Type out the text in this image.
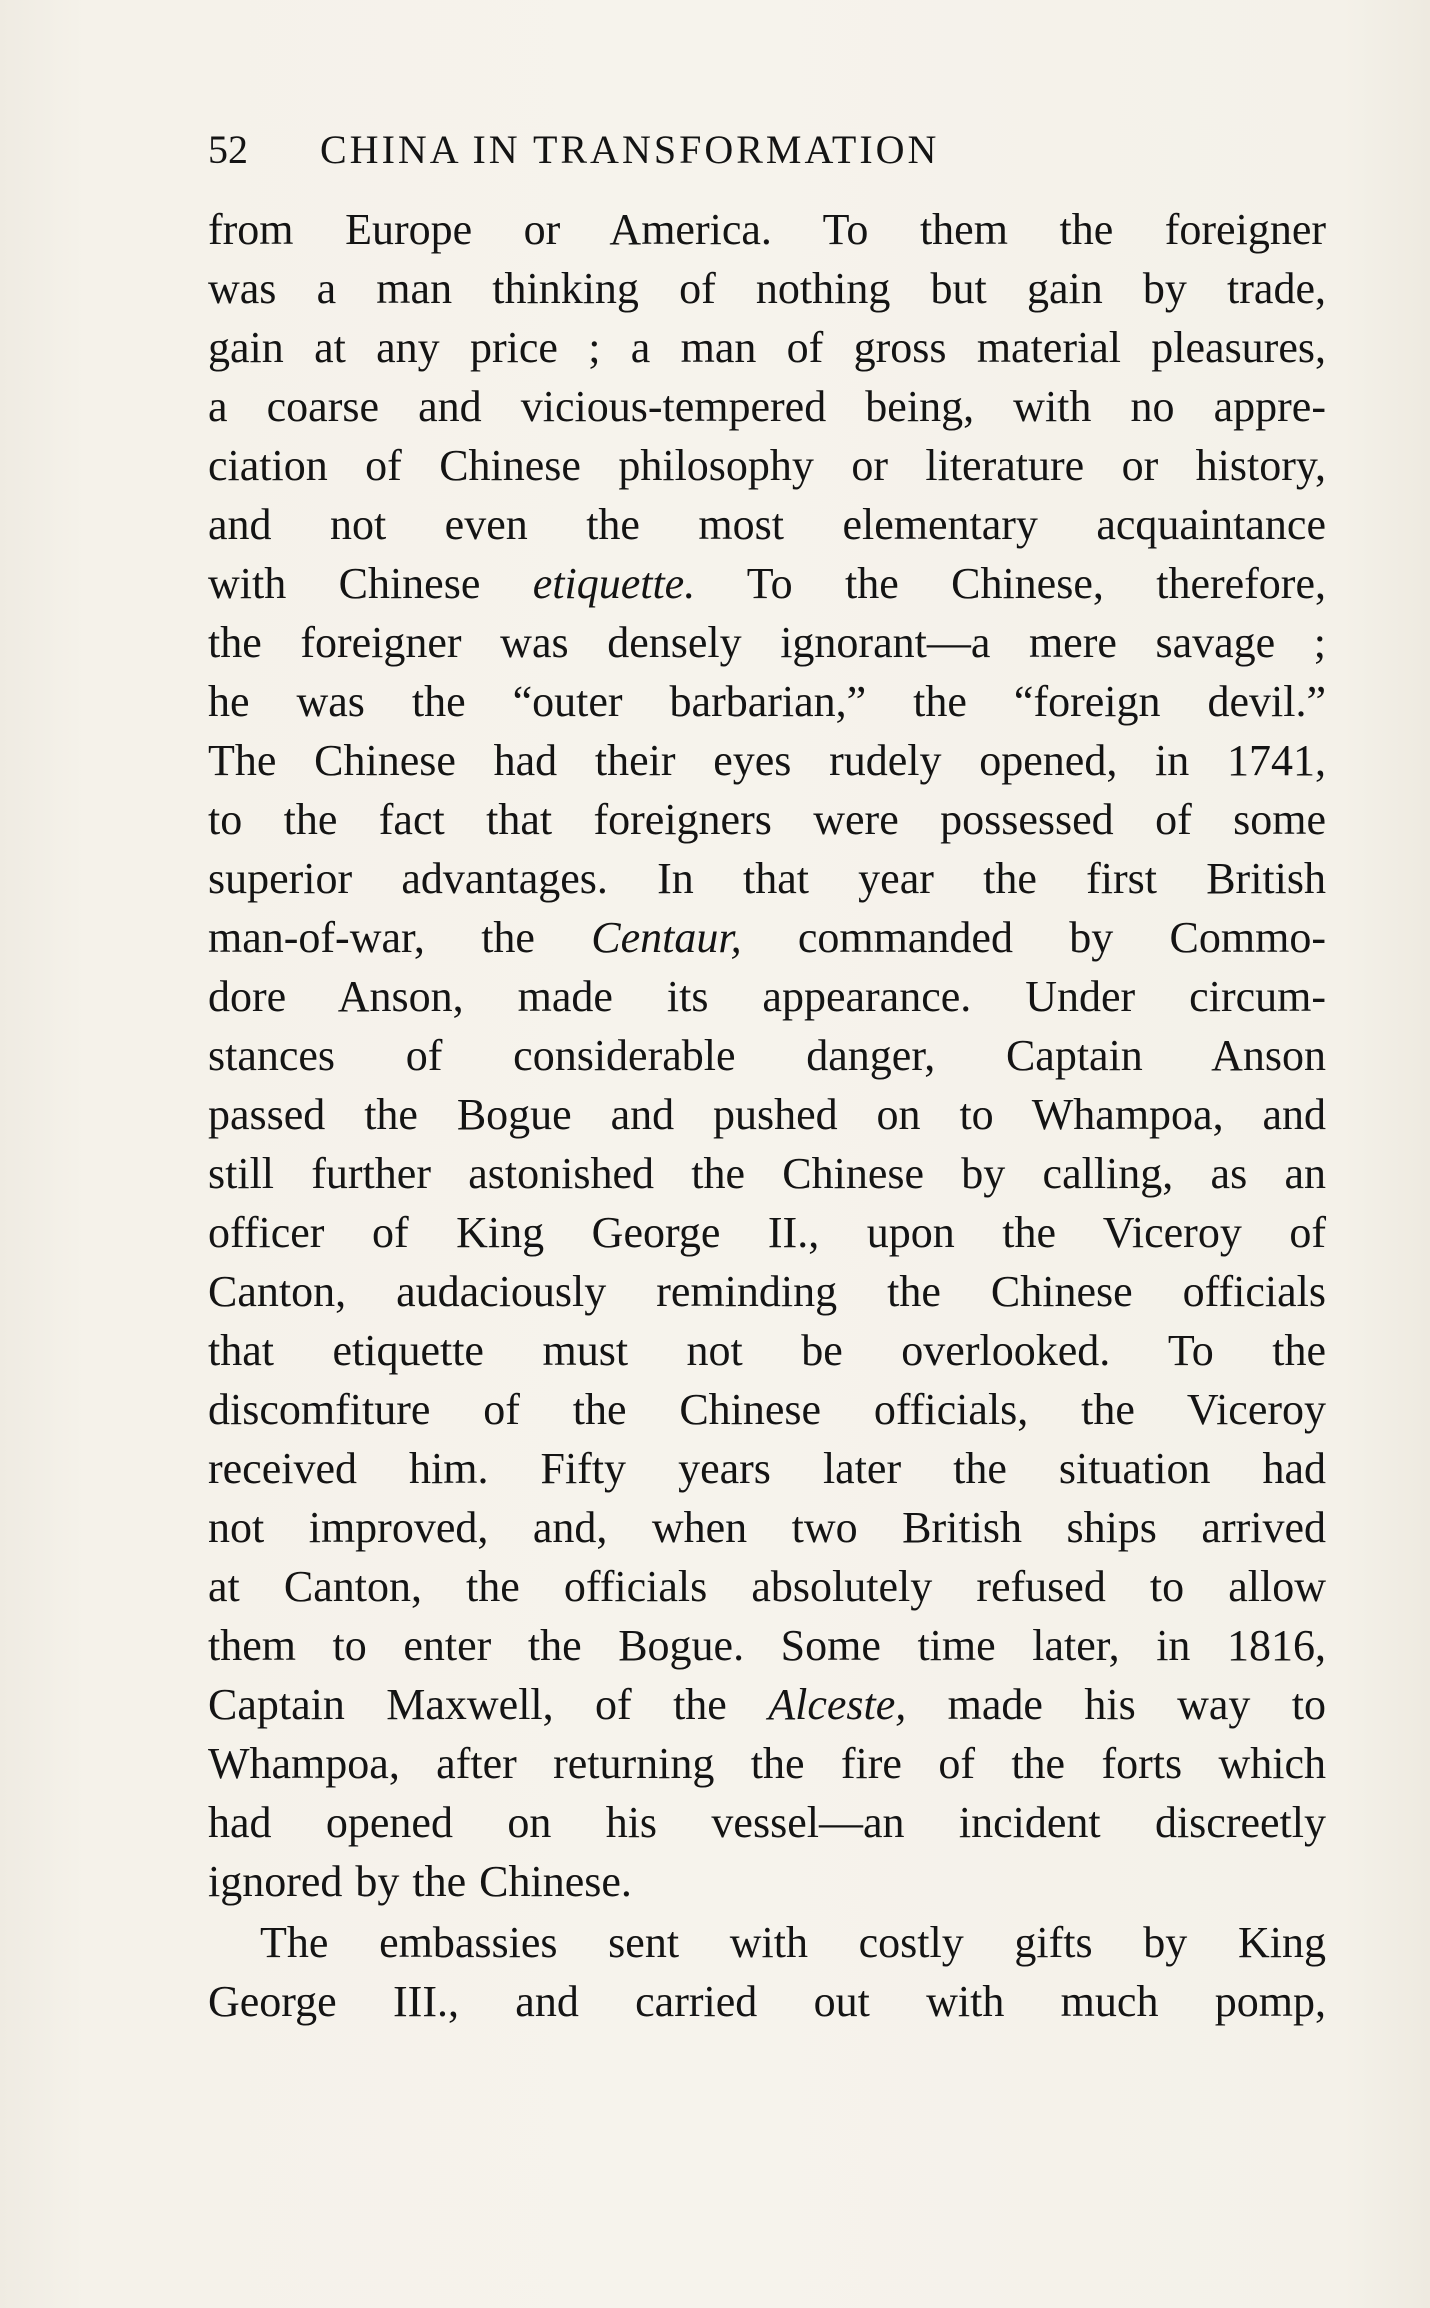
52 CHINA IN TRANSFORMATION
from Europe or America. To them the foreigner
was a man thinking of nothing but gain by trade,
gain at any price ; a man of gross material pleasures,
a coarse and vicious-tempered being, with no appre-
ciation of Chinese philosophy or literature or history,
and not even the most elementary acquaintance
with Chinese etiquette. To the Chinese, therefore,
the foreigner was densely ignorant—a mere savage ;
he was the “outer barbarian,” the “foreign devil.”
The Chinese had their eyes rudely opened, in 1741,
to the fact that foreigners were possessed of some
superior advantages. In that year the first British
man-of-war, the Centaur, commanded by Commo-
dore Anson, made its appearance. Under circum-
stances of considerable danger, Captain Anson
passed the Bogue and pushed on to Whampoa, and
still further astonished the Chinese by calling, as an
officer of King George II., upon the Viceroy of
Canton, audaciously reminding the Chinese officials
that etiquette must not be overlooked. To the
discomfiture of the Chinese officials, the Viceroy
received him. Fifty years later the situation had
not improved, and, when two British ships arrived
at Canton, the officials absolutely refused to allow
them to enter the Bogue. Some time later, in 1816,
Captain Maxwell, of the Alceste, made his way to
Whampoa, after returning the fire of the forts which
had opened on his vessel—an incident discreetly
ignored by the Chinese.
The embassies sent with costly gifts by King
George III., and carried out with much pomp,
